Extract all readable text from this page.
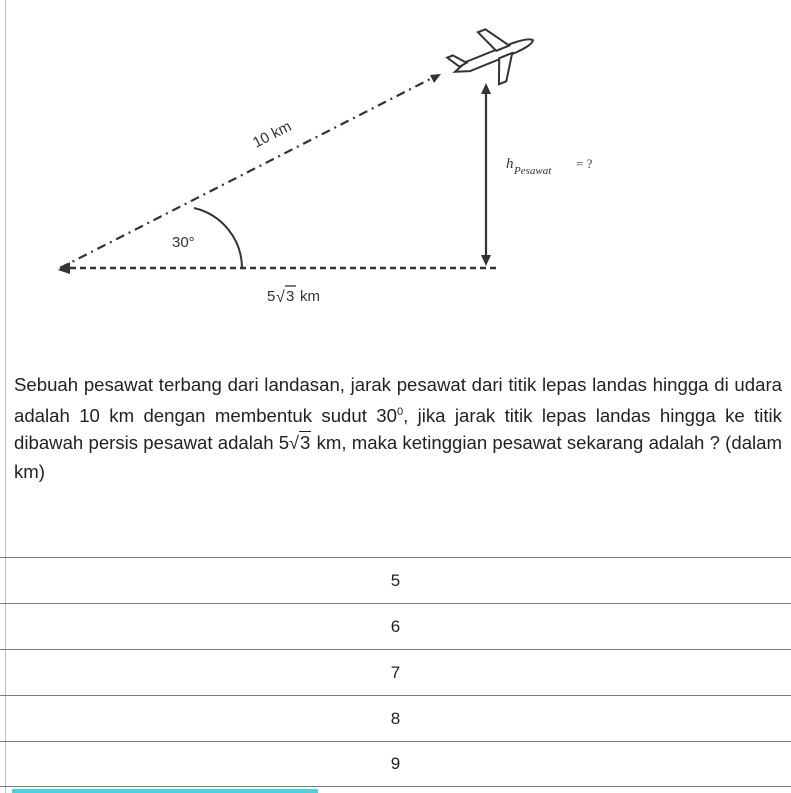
10 km
30°
5 √ 3 km
h Pesawat = ?
Sebuah pesawat terbang dari landasan, jarak pesawat dari titik lepas landas hingga di udara adalah 10 km dengan membentuk sudut $30^0$, jika jarak titik lepas landas hingga ke titik dibawah persis pesawat adalah 5√3 km, maka ketinggian pesawat sekarang adalah ? (dalam km)
5
6
7
8
9
